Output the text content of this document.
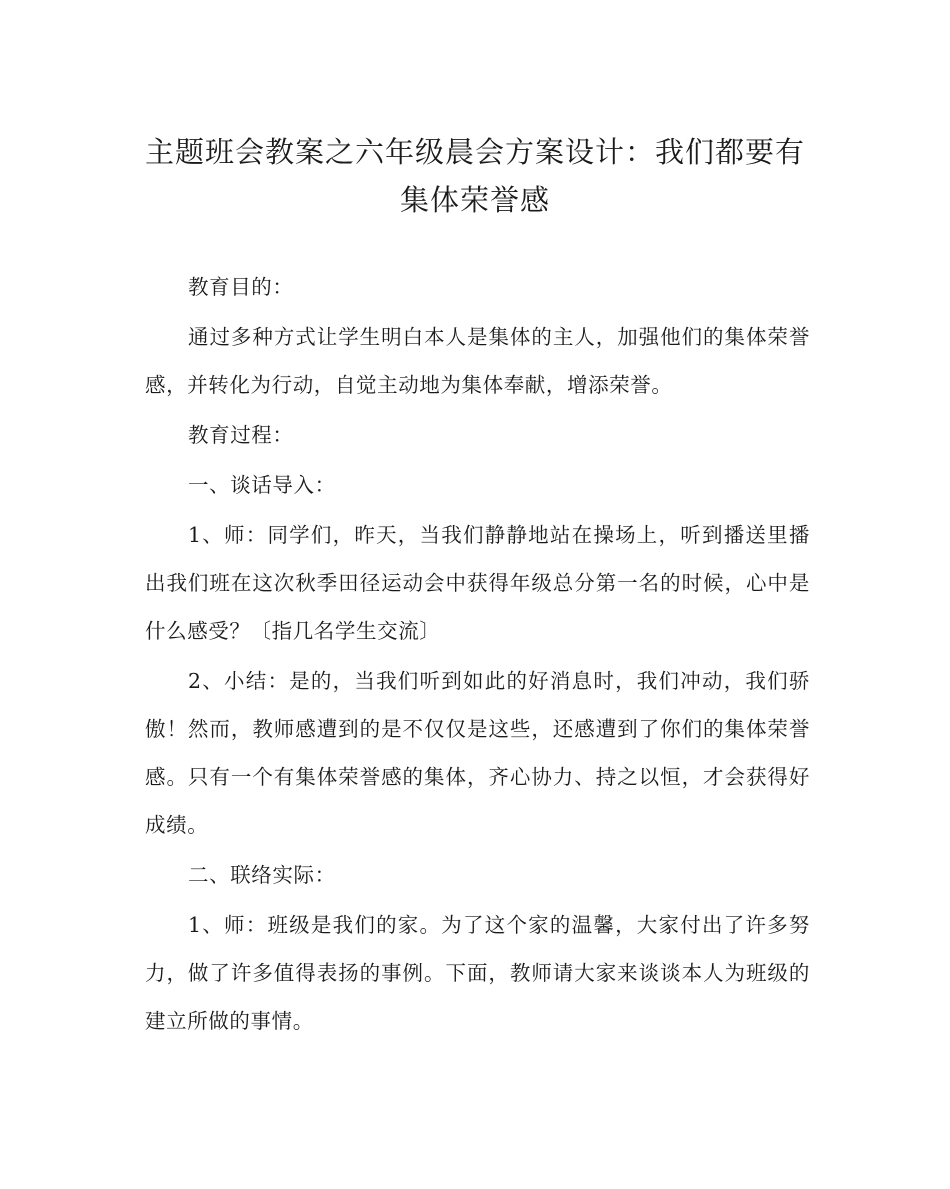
主题班会教案之六年级晨会方案设计：我们都要有集体荣誉感

教育目的：

通过多种方式让学生明白本人是集体的主人，加强他们的集体荣誉感，并转化为行动，自觉主动地为集体奉献，增添荣誉。

教育过程：

一、谈话导入：

1、师：同学们，昨天，当我们静静地站在操场上，听到播送里播出我们班在这次秋季田径运动会中获得年级总分第一名的时候，心中是什么感受？〔指几名学生交流〕

2、小结：是的，当我们听到如此的好消息时，我们冲动，我们骄傲！然而，教师感遭到的是不仅仅是这些，还感遭到了你们的集体荣誉感。只有一个有集体荣誉感的集体，齐心协力、持之以恒，才会获得好成绩。

二、联络实际：

1、师：班级是我们的家。为了这个家的温馨，大家付出了许多努力，做了许多值得表扬的事例。下面，教师请大家来谈谈本人为班级的建立所做的事情。
